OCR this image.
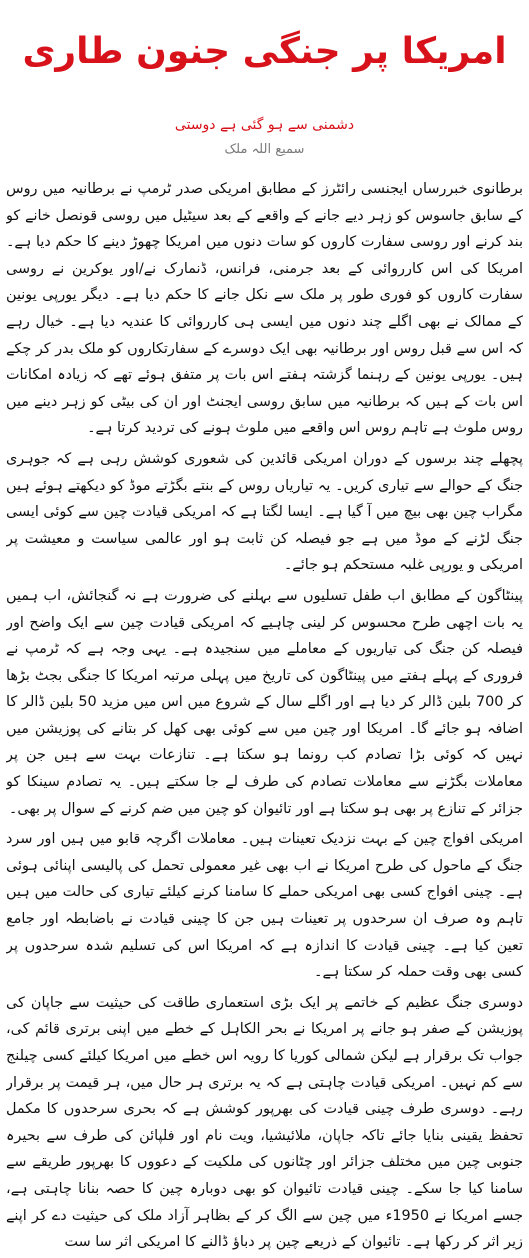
امریکا پر جنگی جنون طاری
دشمنی سے ہو گئی ہے دوستی
سمیع اللہ ملک

برطانوی خبررساں ایجنسی رائٹرز کے مطابق امریکی صدر ٹرمپ نے برطانیہ میں روس کے سابق جاسوس کو زہر دیے جانے کے واقعے کے بعد سیٹیل میں روسی قونصل خانے کو بند کرنے اور روسی سفارت کاروں کو سات دنوں میں امریکا چھوڑ دینے کا حکم دیا ہے۔ امریکا کی اس کارروائی کے بعد جرمنی، فرانس، ڈنمارک نے/اور یوکرین نے روسی سفارت کاروں کو فوری طور پر ملک سے نکل جانے کا حکم دیا ہے۔ دیگر یورپی یونین کے ممالک نے بھی اگلے چند دنوں میں ایسی ہی کارروائی کا عندیہ دیا ہے۔ خیال رہے کہ اس سے قبل روس اور برطانیہ بھی ایک دوسرے کے سفارتکاروں کو ملک بدر کر چکے ہیں۔ یورپی یونین کے رہنما گزشتہ ہفتے اس بات پر متفق ہوئے تھے کہ زیادہ امکانات اس بات کے ہیں کہ برطانیہ میں سابق روسی ایجنٹ اور ان کی بیٹی کو زہر دینے میں روس ملوث ہے تاہم روس اس واقعے میں ملوث ہونے کی تردید کرتا ہے۔

پچھلے چند برسوں کے دوران امریکی قائدین کی شعوری کوشش رہی ہے کہ جوہری جنگ کے حوالے سے تیاری کریں۔ یہ تیاریاں روس کے بنتے بگڑتے موڈ کو دیکھتے ہوئے ہیں مگراب چین بھی بیچ میں آ گیا ہے۔ ایسا لگتا ہے کہ امریکی قیادت چین سے کوئی ایسی جنگ لڑنے کے موڈ میں ہے جو فیصلہ کن ثابت ہو اور عالمی سیاست و معیشت پر امریکی و یورپی غلبہ مستحکم ہو جائے۔

پینٹاگون کے مطابق اب طفل تسلیوں سے بہلنے کی ضرورت ہے نہ گنجائش، اب ہمیں یہ بات اچھی طرح محسوس کر لینی چاہیے کہ امریکی قیادت چین سے ایک واضح اور فیصلہ کن جنگ کی تیاریوں کے معاملے میں سنجیدہ ہے۔ یہی وجہ ہے کہ ٹرمپ نے فروری کے پہلے ہفتے میں پینٹاگون کی تاریخ میں پہلی مرتبہ امریکا کا جنگی بجٹ بڑھا کر 700 بلین ڈالر کر دیا ہے اور اگلے سال کے شروع میں اس میں مزید 50 بلین ڈالر کا اضافہ ہو جائے گا۔ امریکا اور چین میں سے کوئی بھی کھل کر بتانے کی پوزیشن میں نہیں کہ کوئی بڑا تصادم کب رونما ہو سکتا ہے۔ تنازعات بہت سے ہیں جن پر معاملات بگڑنے سے معاملات تصادم کی طرف لے جا سکتے ہیں۔ یہ تصادم سینکا کو جزائر کے تنازع پر بھی ہو سکتا ہے اور تائیوان کو چین میں ضم کرنے کے سوال پر بھی۔

امریکی افواج چین کے بہت نزدیک تعینات ہیں۔ معاملات اگرچہ قابو میں ہیں اور سرد جنگ کے ماحول کی طرح امریکا نے اب بھی غیر معمولی تحمل کی پالیسی اپنائی ہوئی ہے۔ چینی افواج کسی بھی امریکی حملے کا سامنا کرنے کیلئے تیاری کی حالت میں ہیں تاہم وہ صرف ان سرحدوں پر تعینات ہیں جن کا چینی قیادت نے باضابطہ اور جامع تعین کیا ہے۔ چینی قیادت کا اندازہ ہے کہ امریکا اس کی تسلیم شدہ سرحدوں پر کسی بھی وقت حملہ کر سکتا ہے۔

دوسری جنگ عظیم کے خاتمے پر ایک بڑی استعماری طاقت کی حیثیت سے جاپان کی پوزیشن کے صفر ہو جانے پر امریکا نے بحر الکاہل کے خطے میں اپنی برتری قائم کی، جواب تک برقرار ہے لیکن شمالی کوریا کا رویہ اس خطے میں امریکا کیلئے کسی چیلنج سے کم نہیں۔ امریکی قیادت چاہتی ہے کہ یہ برتری ہر حال میں، ہر قیمت پر برقرار رہے۔ دوسری طرف چینی قیادت کی بھرپور کوشش ہے کہ بحری سرحدوں کا مکمل تحفظ یقینی بنایا جائے تاکہ جاپان، ملائیشیا، ویت نام اور فلپائن کی طرف سے بحیرہ جنوبی چین میں مختلف جزائر اور چٹانوں کی ملکیت کے دعووں کا بھرپور طریقے سے سامنا کیا جا سکے۔ چینی قیادت تائیوان کو بھی دوبارہ چین کا حصہ بنانا چاہتی ہے، جسے امریکا نے 1950ء میں چین سے الگ کر کے بظاہر آزاد ملک کی حیثیت دے کر اپنے زیر اثر کر رکھا ہے۔ تائیوان کے ذریعے چین پر دباؤ ڈالنے کا امریکی اثر سا ست
